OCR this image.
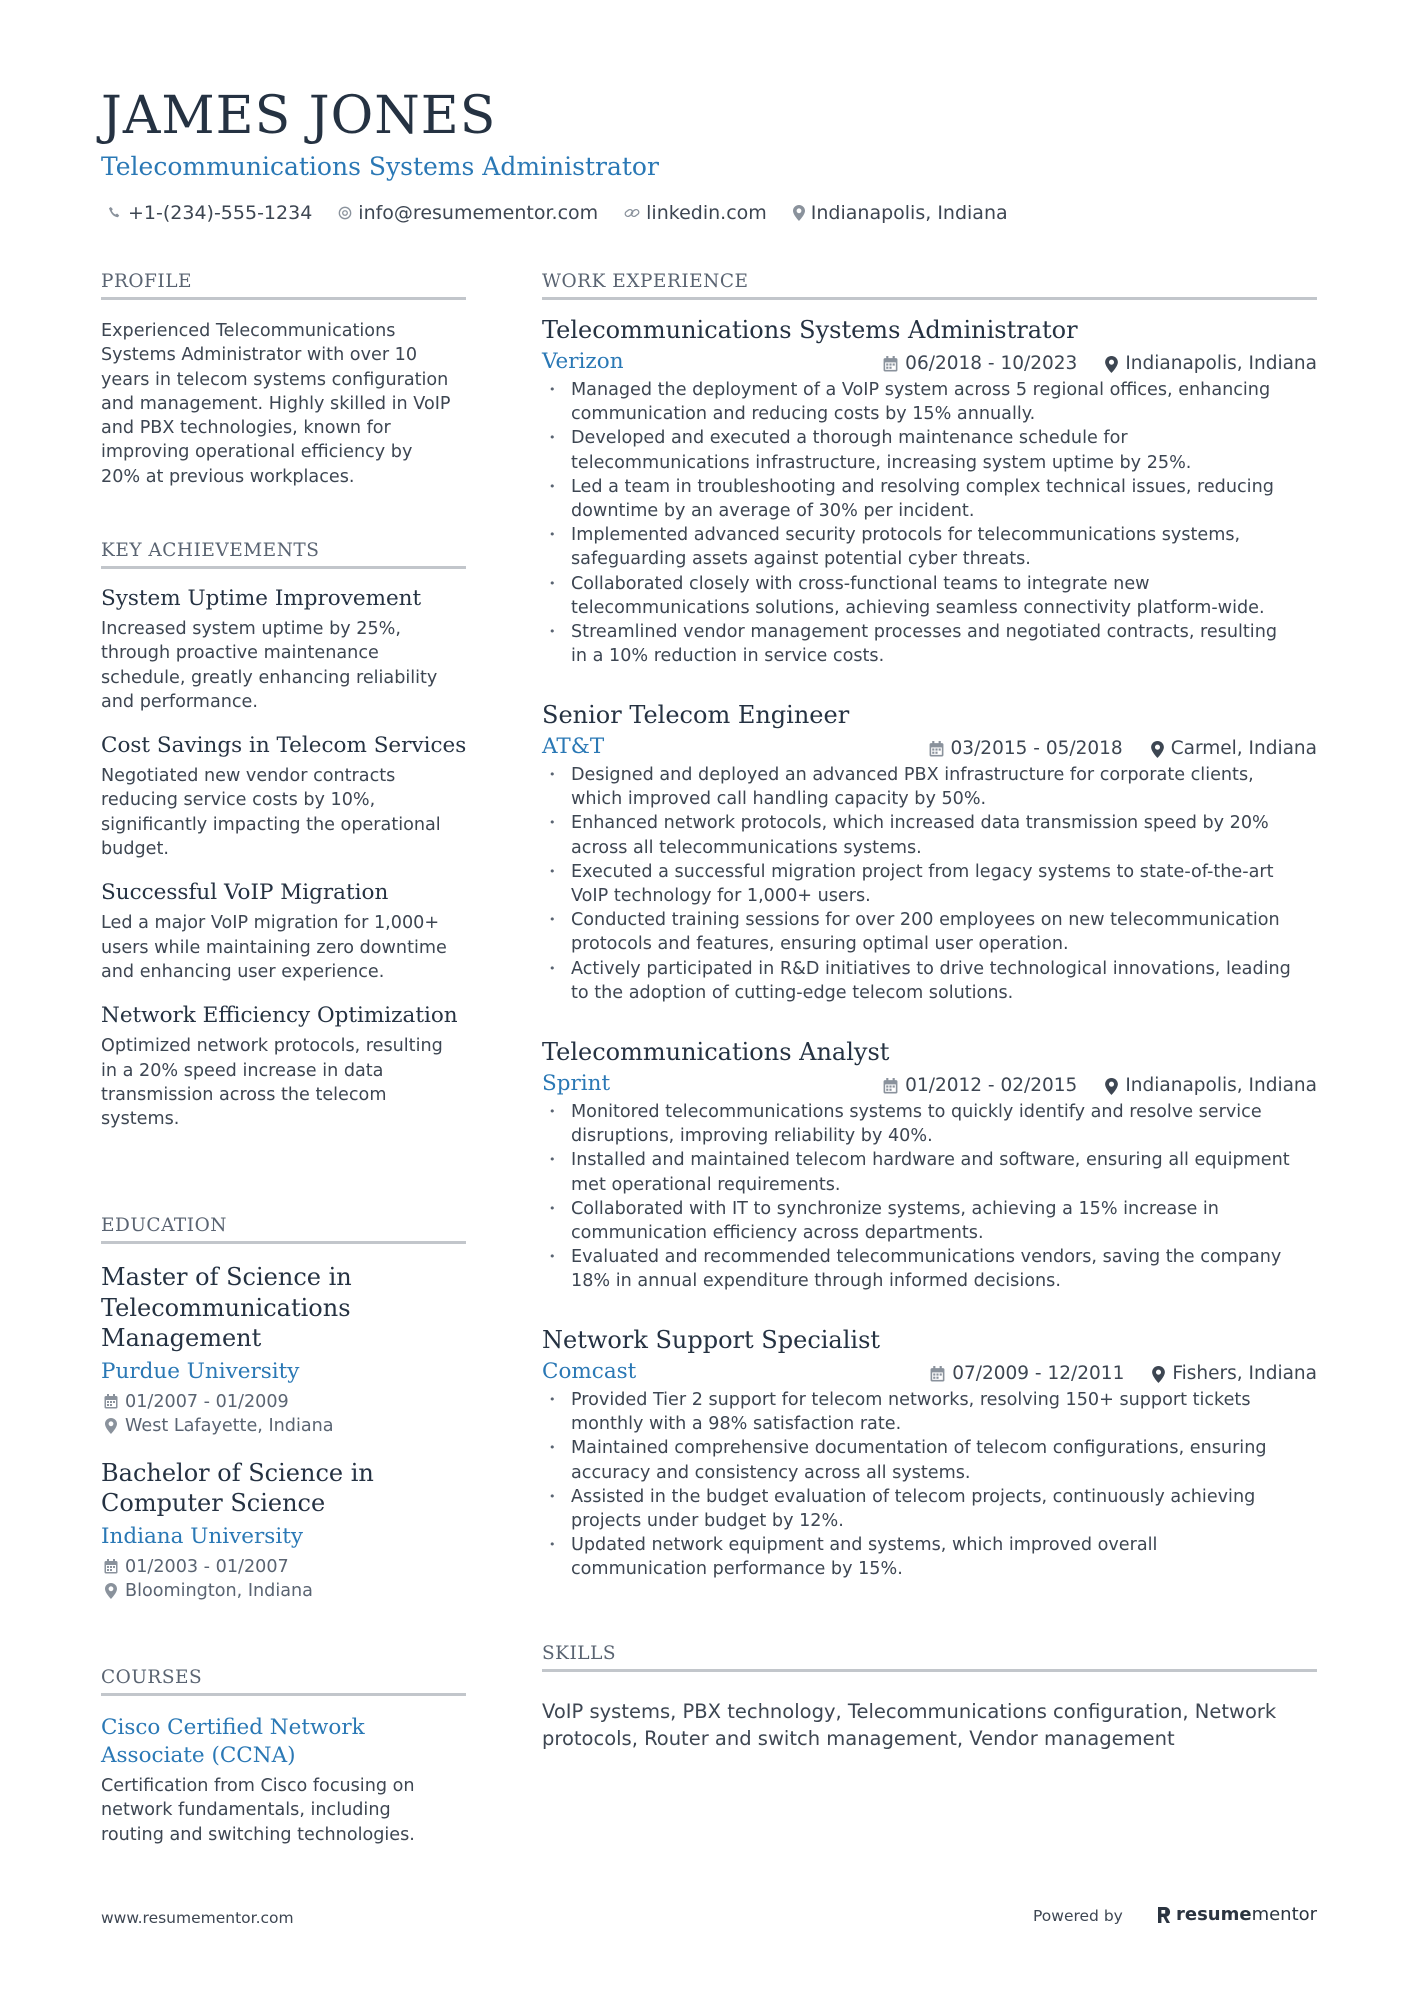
JAMES JONES
Telecommunications Systems Administrator
+1-(234)-555-1234 info@resumementor.com	linkedin.com Indianapolis, Indiana
PROFILE
Experienced Telecommunications
Systems Administrator with over 10
years in telecom systems configuration
and management. Highly skilled in VoIP
and PBX technologies, known for
improving operational efficiency by
20% at previous workplaces.
KEY ACHIEVEMENTS
System Uptime Improvement
Increased system uptime by 25%,
through proactive maintenance
schedule, greatly enhancing reliability
and performance.
Cost Savings in Telecom Services
Negotiated new vendor contracts
reducing service costs by 10%,
significantly impacting the operational
budget.
Successful VoIP Migration
Led a major VoIP migration for 1,000+
users while maintaining zero downtime
and enhancing user experience.
Network Efficiency Optimization
Optimized network protocols, resulting
in a 20% speed increase in data
transmission across the telecom
systems.
EDUCATION
Master of Science in
Telecommunications
Management
Purdue University
01/2007 - 01/2009
West Lafayette, Indiana
Bachelor of Science in
Computer Science
Indiana University
01/2003 - 01/2007
Bloomington, Indiana
COURSES
Cisco Certified Network
Associate (CCNA)
Certification from Cisco focusing on
network fundamentals, including
routing and switching technologies.
WORK EXPERIENCE
Telecommunications Systems Administrator
Verizon	06/2018 - 10/2023	Indianapolis, Indiana
• Managed the deployment of a VoIP system across 5 regional offices, enhancing
communication and reducing costs by 15% annually.
• Developed and executed a thorough maintenance schedule for
telecommunications infrastructure, increasing system uptime by 25%.
• Led a team in troubleshooting and resolving complex technical issues, reducing
downtime by an average of 30% per incident.
• Implemented advanced security protocols for telecommunications systems,
safeguarding assets against potential cyber threats.
• Collaborated closely with cross-functional teams to integrate new
telecommunications solutions, achieving seamless connectivity platform-wide.
• Streamlined vendor management processes and negotiated contracts, resulting
in a 10% reduction in service costs.
Senior Telecom Engineer
AT&T	03/2015 - 05/2018	Carmel, Indiana
• Designed and deployed an advanced PBX infrastructure for corporate clients,
which improved call handling capacity by 50%.
• Enhanced network protocols, which increased data transmission speed by 20%
across all telecommunications systems.
• Executed a successful migration project from legacy systems to state-of-the-art
VoIP technology for 1,000+ users.
• Conducted training sessions for over 200 employees on new telecommunication
protocols and features, ensuring optimal user operation.
• Actively participated in R&D initiatives to drive technological innovations, leading
to the adoption of cutting-edge telecom solutions.
Telecommunications Analyst
Sprint	01/2012 - 02/2015	Indianapolis, Indiana
• Monitored telecommunications systems to quickly identify and resolve service
disruptions, improving reliability by 40%.
• Installed and maintained telecom hardware and software, ensuring all equipment
met operational requirements.
• Collaborated with IT to synchronize systems, achieving a 15% increase in
communication efficiency across departments.
• Evaluated and recommended telecommunications vendors, saving the company
18% in annual expenditure through informed decisions.
Network Support Specialist
Comcast	07/2009 - 12/2011	Fishers, Indiana
• Provided Tier 2 support for telecom networks, resolving 150+ support tickets
monthly with a 98% satisfaction rate.
• Maintained comprehensive documentation of telecom configurations, ensuring
accuracy and consistency across all systems.
• Assisted in the budget evaluation of telecom projects, continuously achieving
projects under budget by 12%.
• Updated network equipment and systems, which improved overall
communication performance by 15%.
SKILLS
VoIP systems, PBX technology, Telecommunications configuration, Network
protocols, Router and switch management, Vendor management
www.resumementor.com	Powered by	resume mentor
